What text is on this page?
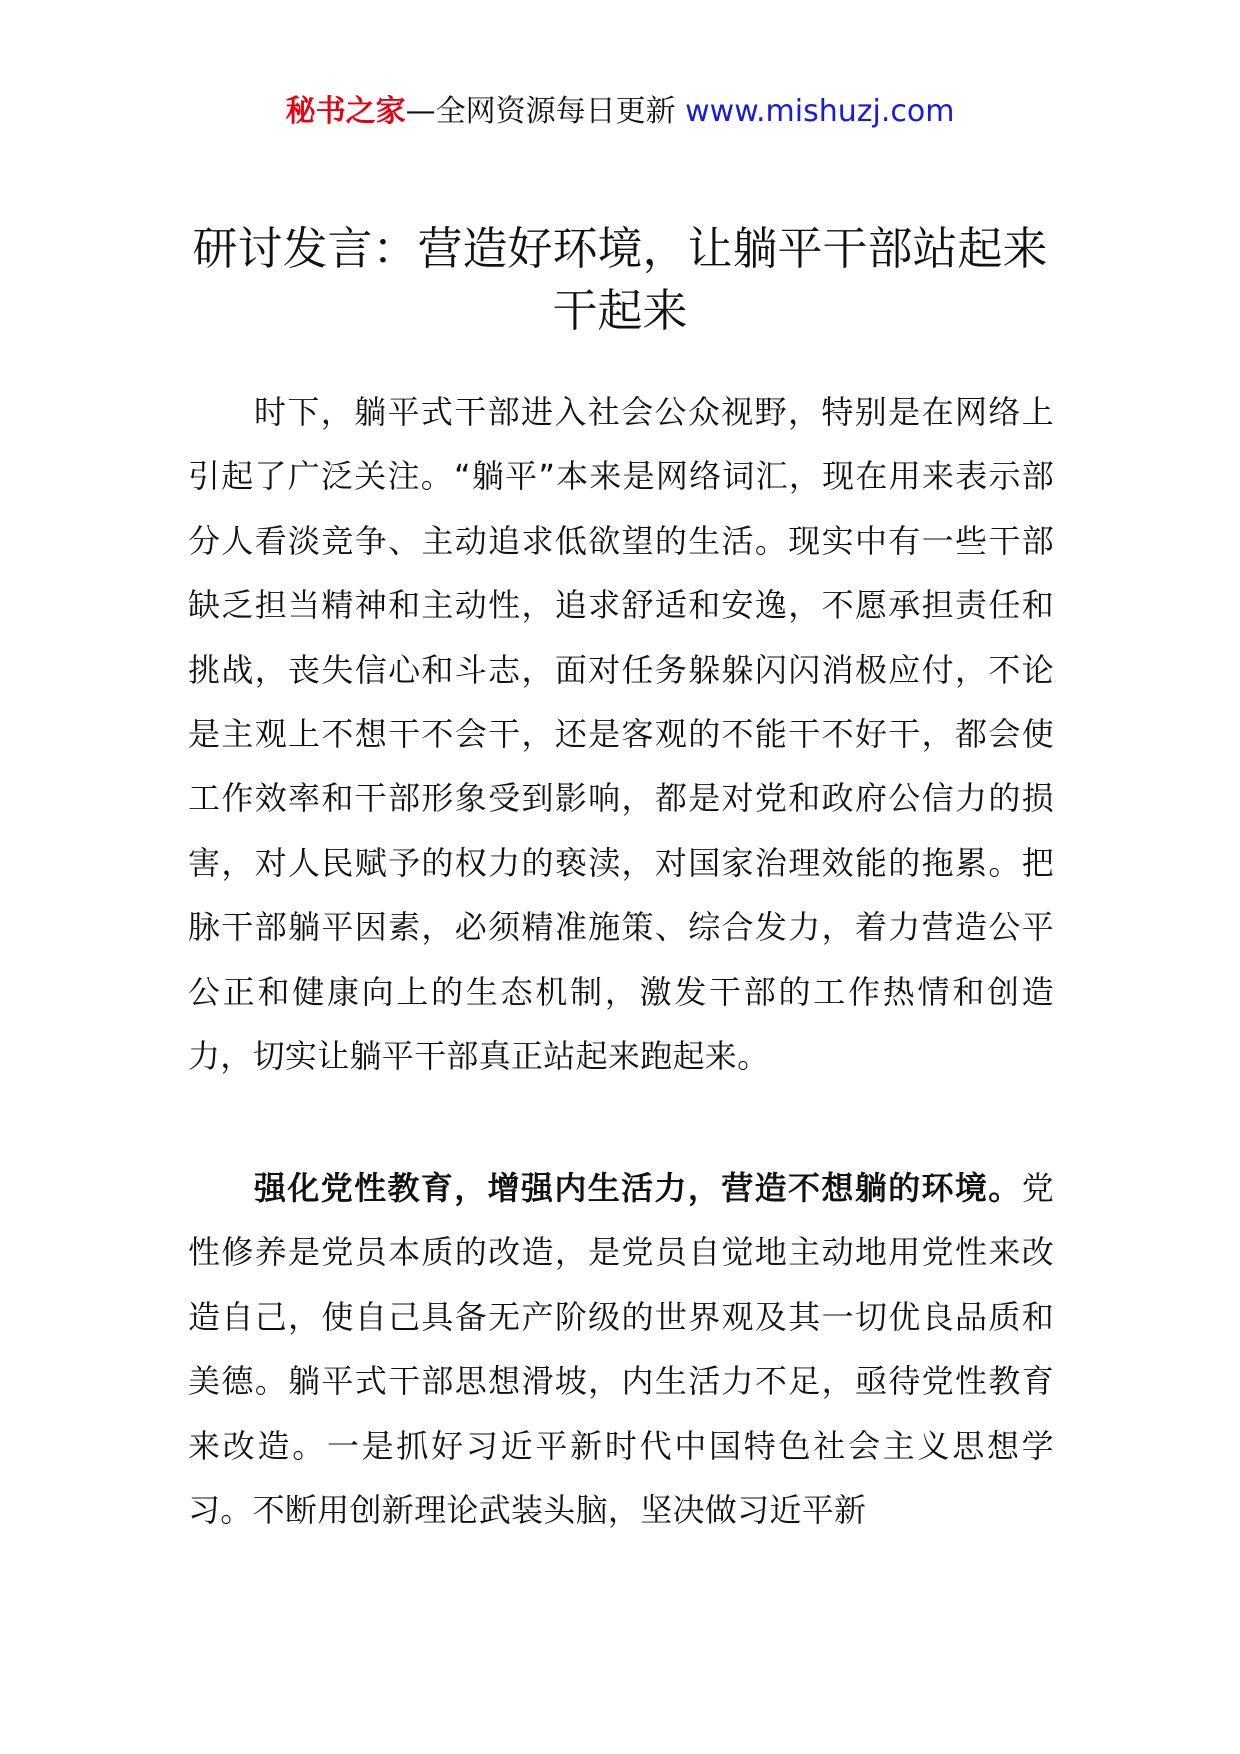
秘书之家—全网资源每日更新 www.mishuzj.com
研讨发言：营造好环境，让躺平干部站起来
干起来
时下，躺平式干部进入社会公众视野，特别是在网络上引起了广泛关注。“躺平”本来是网络词汇，现在用来表示部分人看淡竞争、主动追求低欲望的生活。现实中有一些干部缺乏担当精神和主动性，追求舒适和安逸，不愿承担责任和挑战，丧失信心和斗志，面对任务躲躲闪闪消极应付，不论是主观上不想干不会干，还是客观的不能干不好干，都会使工作效率和干部形象受到影响，都是对党和政府公信力的损害，对人民赋予的权力的亵渎，对国家治理效能的拖累。把脉干部躺平因素，必须精准施策、综合发力，着力营造公平公正和健康向上的生态机制，激发干部的工作热情和创造力，切实让躺平干部真正站起来跑起来。
强化党性教育，增强内生活力，营造不想躺的环境。党性修养是党员本质的改造，是党员自觉地主动地用党性来改造自己，使自己具备无产阶级的世界观及其一切优良品质和美德。躺平式干部思想滑坡，内生活力不足，亟待党性教育来改造。一是抓好习近平新时代中国特色社会主义思想学习。不断用创新理论武装头脑，坚决做习近平新
